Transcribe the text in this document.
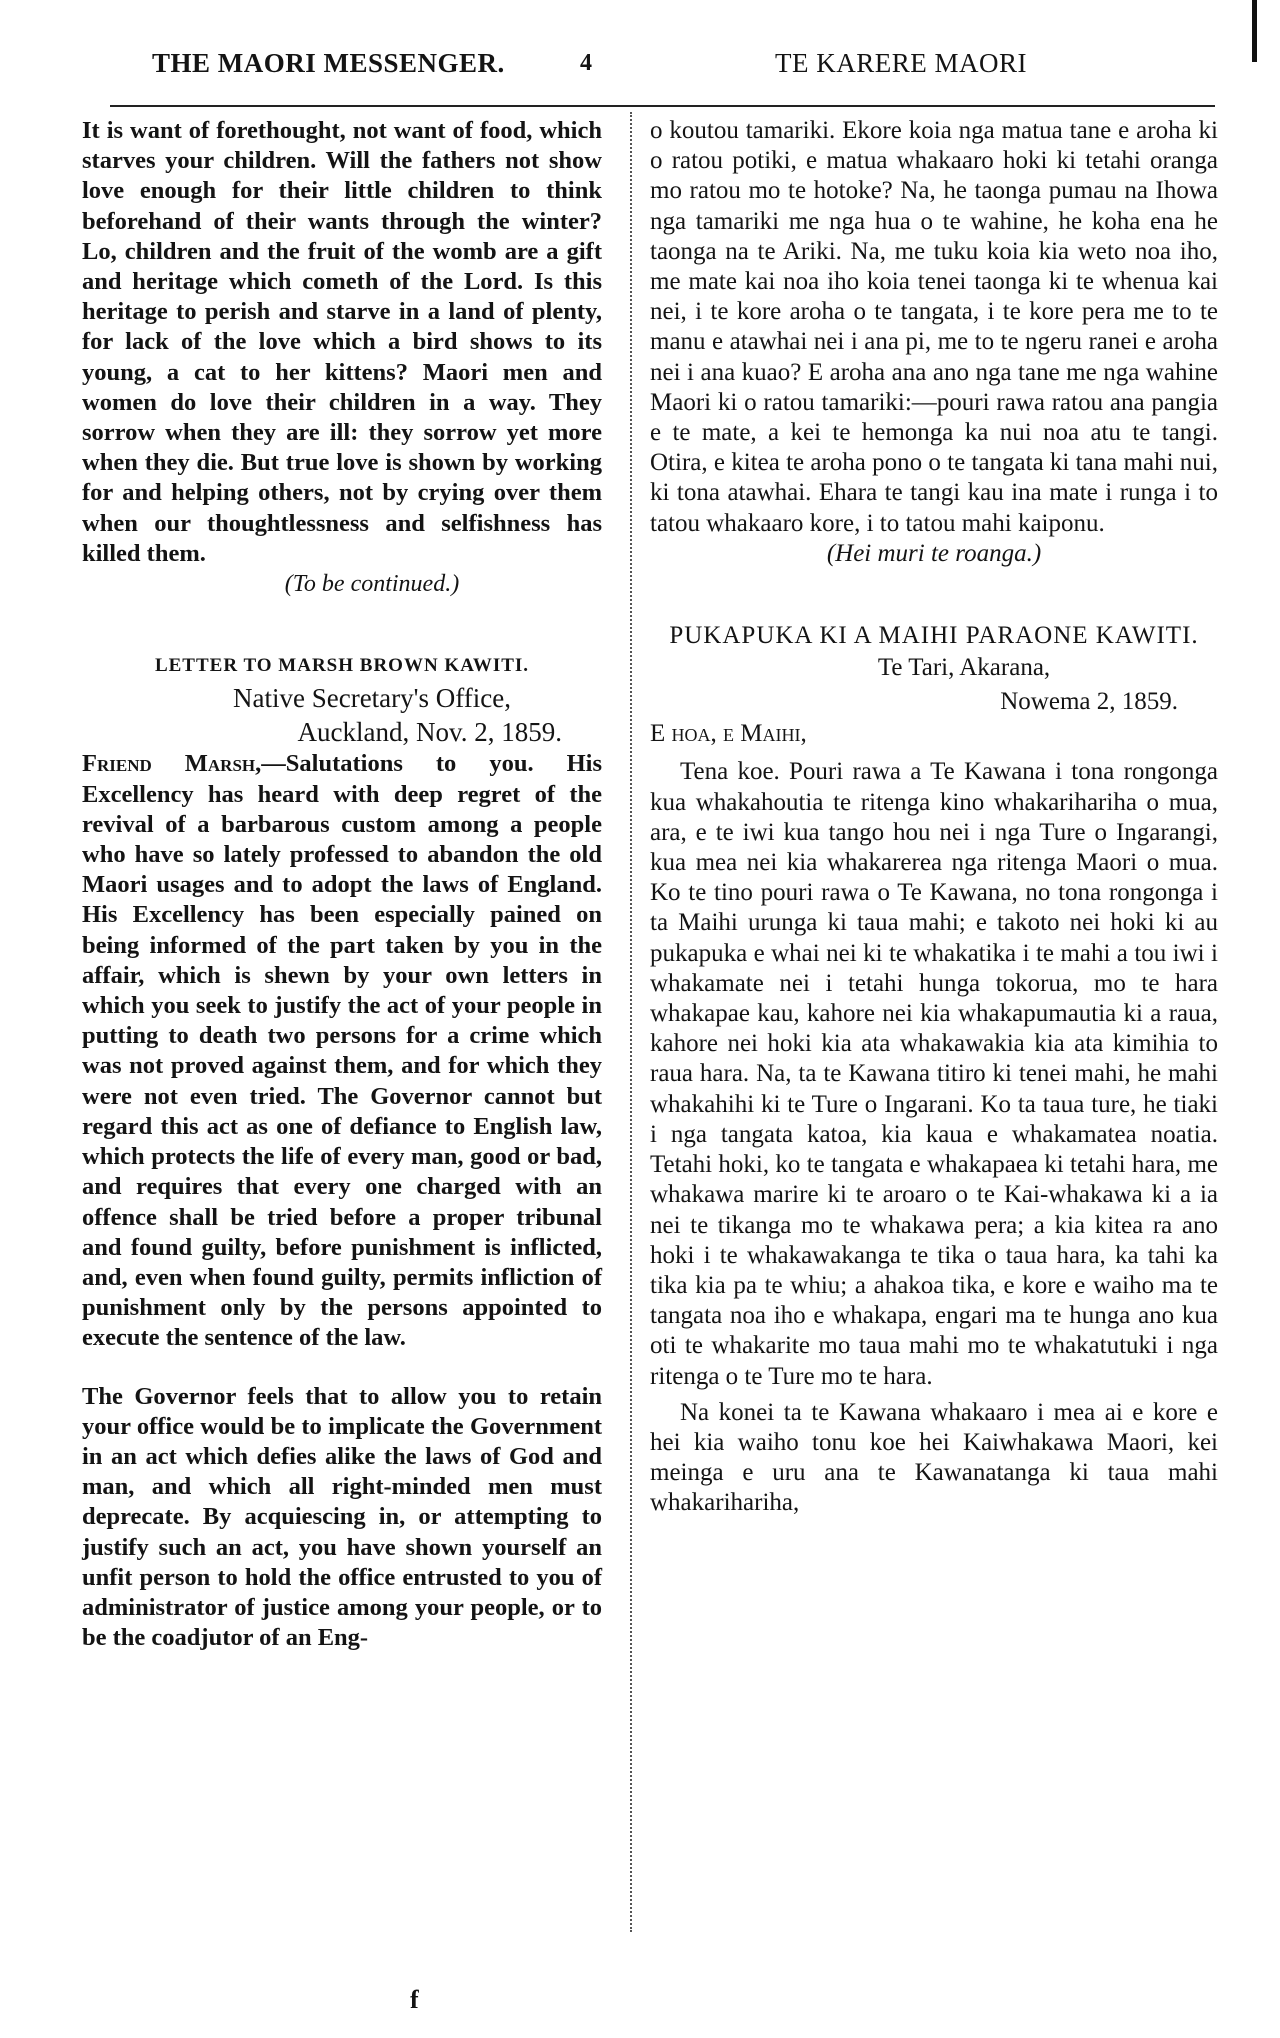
THE MAORI MESSENGER.	4	TE KARERE MAORI

It is want of forethought, not want of food, which starves your children. Will the fathers not show love enough for their little children to think beforehand of their wants through the winter? Lo, children and the fruit of the womb are a gift and heritage which cometh of the Lord. Is this heritage to perish and starve in a land of plenty, for lack of the love which a bird shows to its young, a cat to her kittens? Maori men and women do love their children in a way. They sorrow when they are ill: they sorrow yet more when they die. But true love is shown by working for and helping others, not by crying over them when our thoughtlessness and selfishness has killed them.

(To be continued.)

LETTER TO MARSH BROWN KAWITI.

Native Secretary's Office,

Auckland, Nov. 2, 1859.

Friend Marsh,—Salutations to you. His Excellency has heard with deep regret of the revival of a barbarous custom among a people who have so lately professed to abandon the old Maori usages and to adopt the laws of England. His Excellency has been especially pained on being informed of the part taken by you in the affair, which is shewn by your own letters in which you seek to justify the act of your people in putting to death two persons for a crime which was not proved against them, and for which they were not even tried. The Governor cannot but regard this act as one of defiance to English law, which protects the life of every man, good or bad, and requires that every one charged with an offence shall be tried before a proper tribunal and found guilty, before punishment is inflicted, and, even when found guilty, permits infliction of punishment only by the persons appointed to execute the sentence of the law.

The Governor feels that to allow you to retain your office would be to implicate the Government in an act which defies alike the laws of God and man, and which all right-minded men must deprecate. By acquiescing in, or attempting to justify such an act, you have shown yourself an unfit person to hold the office entrusted to you of administrator of justice among your people, or to be the coadjutor of an Eng-

o koutou tamariki. Ekore koia nga matua tane e aroha ki o ratou potiki, e matua whakaaro hoki ki tetahi oranga mo ratou mo te hotoke? Na, he taonga pumau na Ihowa nga tamariki me nga hua o te wahine, he koha ena he taonga na te Ariki. Na, me tuku koia kia weto noa iho, me mate kai noa iho koia tenei taonga ki te whenua kai nei, i te kore aroha o te tangata, i te kore pera me to te manu e atawhai nei i ana pi, me to te ngeru ranei e aroha nei i ana kuao? E aroha ana ano nga tane me nga wahine Maori ki o ratou tamariki:—pouri rawa ratou ana pangia e te mate, a kei te hemonga ka nui noa atu te tangi. Otira, e kitea te aroha pono o te tangata ki tana mahi nui, ki tona atawhai. Ehara te tangi kau ina mate i runga i to tatou whakaaro kore, i to tatou mahi kaiponu.

(Hei muri te roanga.)

PUKAPUKA KI A MAIHI PARAONE KAWITI.

Te Tari, Akarana,

Nowema 2, 1859.

E hoa, e Maihi,

Tena koe. Pouri rawa a Te Kawana i tona rongonga kua whakahoutia te ritenga kino whakarihariha o mua, ara, e te iwi kua tango hou nei i nga Ture o Ingarangi, kua mea nei kia whakarerea nga ritenga Maori o mua. Ko te tino pouri rawa o Te Kawana, no tona rongonga i ta Maihi urunga ki taua mahi; e takoto nei hoki ki au pukapuka e whai nei ki te whakatika i te mahi a tou iwi i whakamate nei i tetahi hunga tokorua, mo te hara whakapae kau, kahore nei kia whakapumautia ki a raua, kahore nei hoki kia ata whakawakia kia ata kimihia to raua hara. Na, ta te Kawana titiro ki tenei mahi, he mahi whakahihi ki te Ture o Ingarani. Ko ta taua ture, he tiaki i nga tangata katoa, kia kaua e whakamatea noatia. Tetahi hoki, ko te tangata e whakapaea ki tetahi hara, me whakawa marire ki te aroaro o te Kai-whakawa ki a ia nei te tikanga mo te whakawa pera; a kia kitea ra ano hoki i te whakawakanga te tika o taua hara, ka tahi ka tika kia pa te whiu; a ahakoa tika, e kore e waiho ma te tangata noa iho e whakapa, engari ma te hunga ano kua oti te whakarite mo taua mahi mo te whakatutuki i nga ritenga o te Ture mo te hara.

Na konei ta te Kawana whakaaro i mea ai e kore e hei kia waiho tonu koe hei Kaiwhakawa Maori, kei meinga e uru ana te Kawanatanga ki taua mahi whakarihariha,

f
